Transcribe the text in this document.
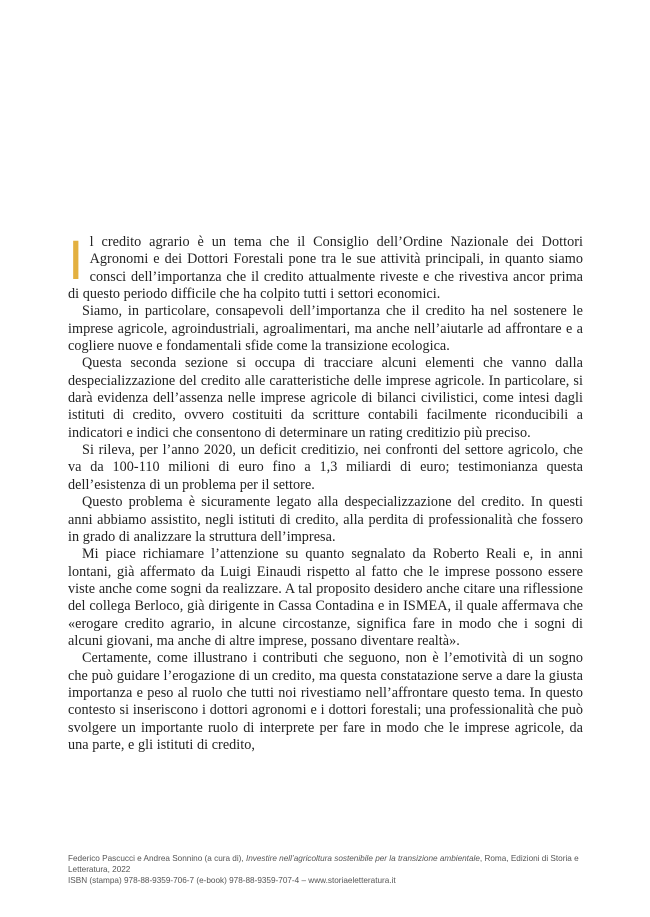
Il credito agrario è un tema che il Consiglio dell’Ordine Nazionale dei Dottori Agronomi e dei Dottori Forestali pone tra le sue attività principali, in quanto siamo consci dell’importanza che il credito attualmente riveste e che rivestiva ancor prima di questo periodo difficile che ha colpito tutti i settori economici.

Siamo, in particolare, consapevoli dell’importanza che il credito ha nel sostenere le imprese agricole, agroindustriali, agroalimentari, ma anche nell’aiutarle ad affrontare e a cogliere nuove e fondamentali sfide come la transizione ecologica.

Questa seconda sezione si occupa di tracciare alcuni elementi che vanno dalla despecializzazione del credito alle caratteristiche delle imprese agricole. In particolare, si darà evidenza dell’assenza nelle imprese agricole di bilanci civilistici, come intesi dagli istituti di credito, ovvero costituiti da scritture contabili facilmente riconducibili a indicatori e indici che consentono di determinare un rating creditizio più preciso.

Si rileva, per l’anno 2020, un deficit creditizio, nei confronti del settore agricolo, che va da 100-110 milioni di euro fino a 1,3 miliardi di euro; testimonianza questa dell’esistenza di un problema per il settore.

Questo problema è sicuramente legato alla despecializzazione del credito. In questi anni abbiamo assistito, negli istituti di credito, alla perdita di professionalità che fossero in grado di analizzare la struttura dell’impresa.

Mi piace richiamare l’attenzione su quanto segnalato da Roberto Reali e, in anni lontani, già affermato da Luigi Einaudi rispetto al fatto che le imprese possono essere viste anche come sogni da realizzare. A tal proposito desidero anche citare una riflessione del collega Berloco, già dirigente in Cassa Contadina e in ISMEA, il quale affermava che «erogare credito agrario, in alcune circostanze, significa fare in modo che i sogni di alcuni giovani, ma anche di altre imprese, possano diventare realtà».

Certamente, come illustrano i contributi che seguono, non è l’emotività di un sogno che può guidare l’erogazione di un credito, ma questa constatazione serve a dare la giusta importanza e peso al ruolo che tutti noi rivestiamo nell’affrontare questo tema. In questo contesto si inseriscono i dottori agronomi e i dottori forestali; una professionalità che può svolgere un importante ruolo di interprete per fare in modo che le imprese agricole, da una parte, e gli istituti di credito,

Federico Pascucci e Andrea Sonnino (a cura di), Investire nell’agricoltura sostenibile per la transizione ambientale, Roma, Edizioni di Storia e Letteratura, 2022
ISBN (stampa) 978-88-9359-706-7 (e-book) 978-88-9359-707-4 – www.storiaeletteratura.it
